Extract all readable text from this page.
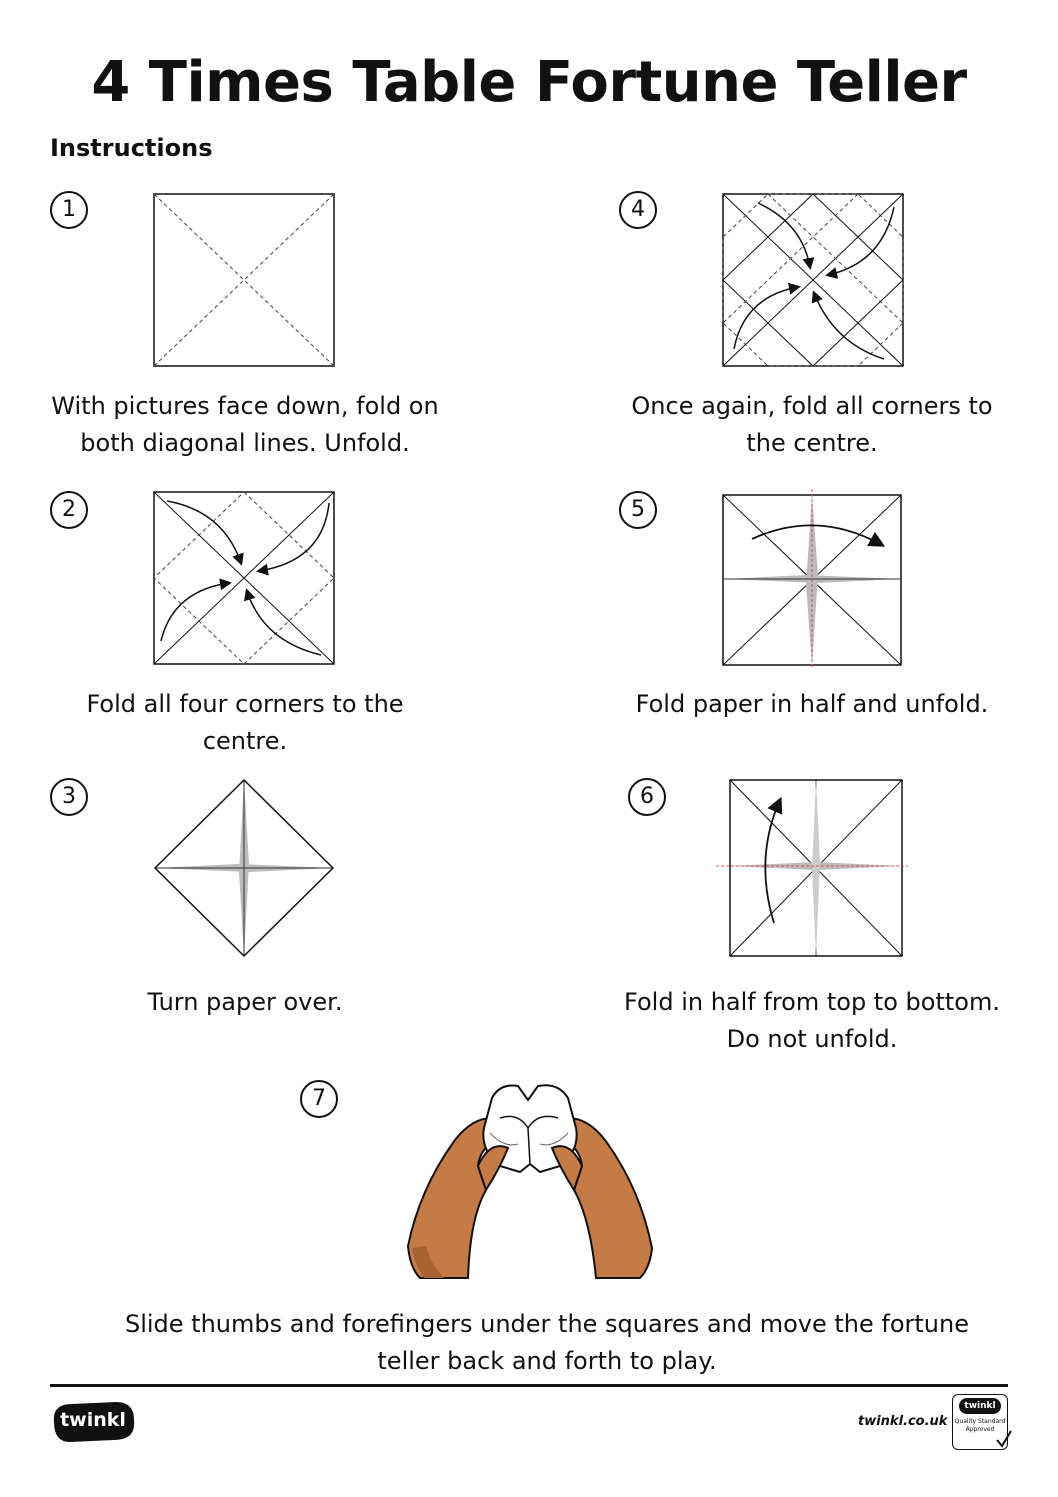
4 Times Table Fortune Teller
Instructions
1
With pictures face down, fold on both diagonal lines. Unfold.
2
Fold all four corners to the centre.
3
Turn paper over.
4
Once again, fold all corners to the centre.
5
Fold paper in half and unfold.
6
Fold in half from top to bottom. Do not unfold.
7
Slide thumbs and forefingers under the squares and move the fortune teller back and forth to play.
twinkl	twinkl.co.uk
twinkl
Quality Standard
Approved
